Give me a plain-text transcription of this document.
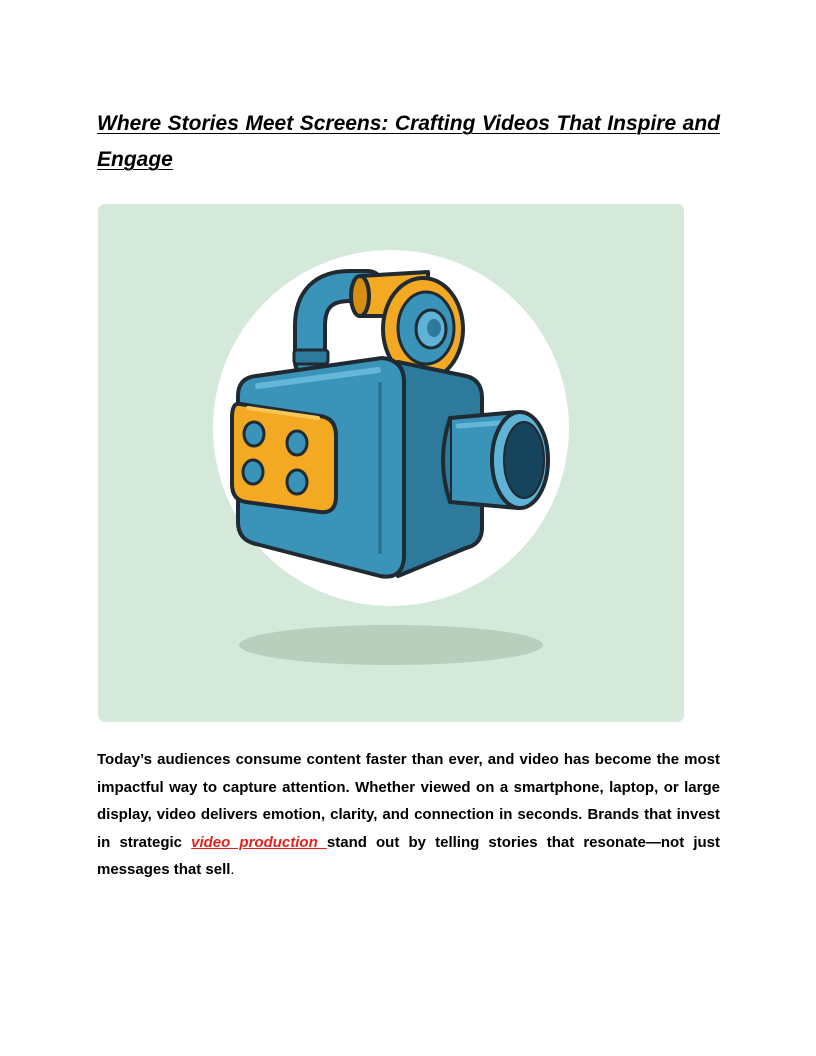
Where Stories Meet Screens: Crafting Videos That Inspire and Engage

Today’s audiences consume content faster than ever, and video has become the most impactful way to capture attention. Whether viewed on a smartphone, laptop, or large display, video delivers emotion, clarity, and connection in seconds. Brands that invest in strategic video production stand out by telling stories that resonate—not just messages that sell.
